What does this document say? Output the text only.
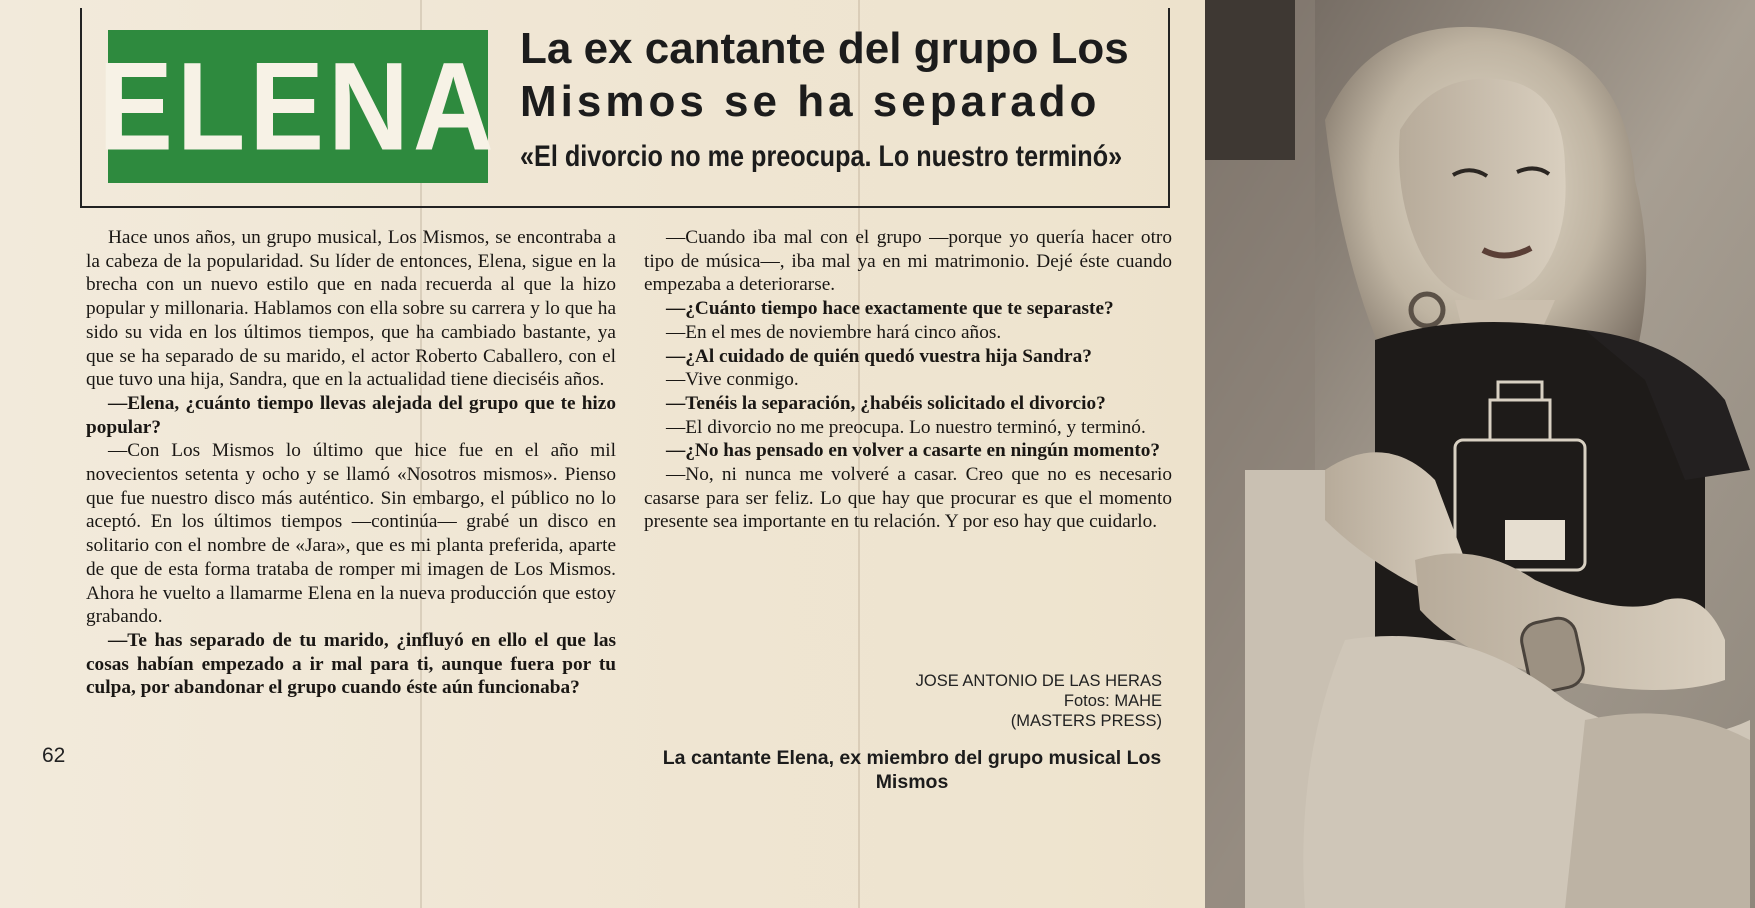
ELENA La ex cantante del grupo Los
Mismos se ha separado
«El divorcio no me preocupa. Lo nuestro terminó»

Hace unos años, un grupo musical, Los Mismos, se encontraba a la cabeza de la popularidad. Su líder de entonces, Elena, sigue en la brecha con un nuevo estilo que en nada recuerda al que la hizo popular y millonaria. Hablamos con ella sobre su carrera y lo que ha sido su vida en los últimos tiempos, que ha cambiado bastante, ya que se ha separado de su marido, el actor Roberto Caballero, con el que tuvo una hija, Sandra, que en la actualidad tiene dieciséis años.

—Elena, ¿cuánto tiempo llevas alejada del grupo que te hizo popular?

—Con Los Mismos lo último que hice fue en el año mil novecientos setenta y ocho y se llamó «Nosotros mismos». Pienso que fue nuestro disco más auténtico. Sin embargo, el público no lo aceptó. En los últimos tiempos —continúa— grabé un disco en solitario con el nombre de «Jara», que es mi planta preferida, aparte de que de esta forma trataba de romper mi imagen de Los Mismos. Ahora he vuelto a llamarme Elena en la nueva producción que estoy grabando.

—Te has separado de tu marido, ¿influyó en ello el que las cosas habían empezado a ir mal para ti, aunque fuera por tu culpa, por abandonar el grupo cuando éste aún funcionaba?

—Cuando iba mal con el grupo —porque yo quería hacer otro tipo de música—, iba mal ya en mi matrimonio. Dejé éste cuando empezaba a deteriorarse.

—¿Cuánto tiempo hace exactamente que te separaste?

—En el mes de noviembre hará cinco años.

—¿Al cuidado de quién quedó vuestra hija Sandra?

—Vive conmigo.

—Tenéis la separación, ¿habéis solicitado el divorcio?

—El divorcio no me preocupa. Lo nuestro terminó, y terminó.

—¿No has pensado en volver a casarte en ningún momento?

—No, ni nunca me volveré a casar. Creo que no es necesario casarse para ser feliz. Lo que hay que procurar es que el momento presente sea importante en tu relación. Y por eso hay que cuidarlo.

JOSE ANTONIO DE LAS HERAS
Fotos: MAHE
(MASTERS PRESS)
La cantante Elena, ex miembro del grupo musical Los Mismos
62
